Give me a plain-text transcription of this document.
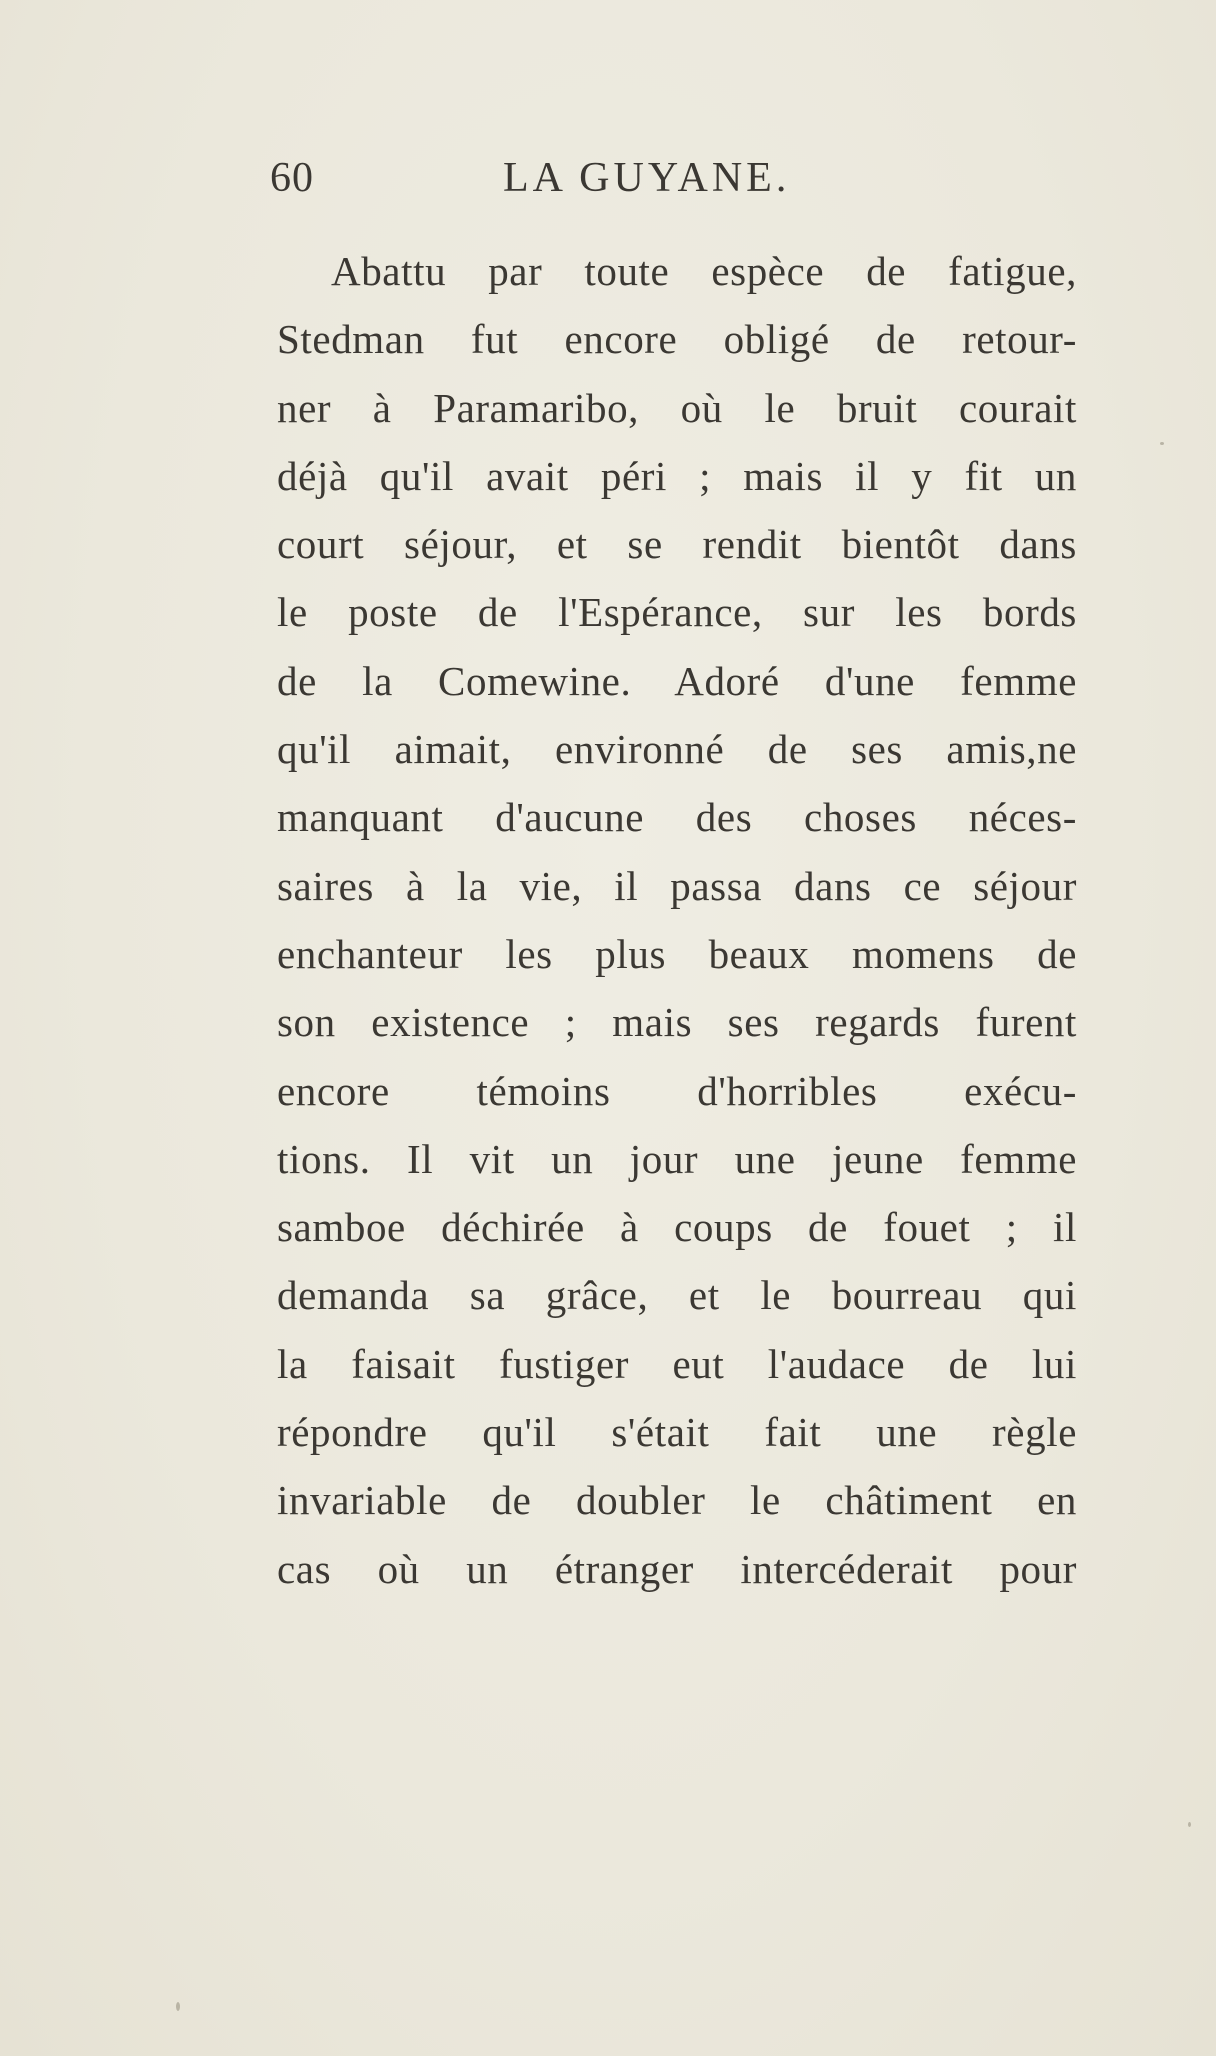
60	LA GUYANE.
Abattu par toute espèce de fatigue,
Stedman fut encore obligé de retour-
ner à Paramaribo, où le bruit courait
déjà qu'il avait péri ; mais il y fit un
court séjour, et se rendit bientôt dans
le poste de l'Espérance, sur les bords
de la Comewine. Adoré d'une femme
qu'il aimait, environné de ses amis,ne
manquant d'aucune des choses néces-
saires à la vie, il passa dans ce séjour
enchanteur les plus beaux momens de
son existence ; mais ses regards furent
encore témoins d'horribles exécu-
tions. Il vit un jour une jeune femme
samboe déchirée à coups de fouet ; il
demanda sa grâce, et le bourreau qui
la faisait fustiger eut l'audace de lui
répondre qu'il s'était fait une règle
invariable de doubler le châtiment en
cas où un étranger intercéderait pour
